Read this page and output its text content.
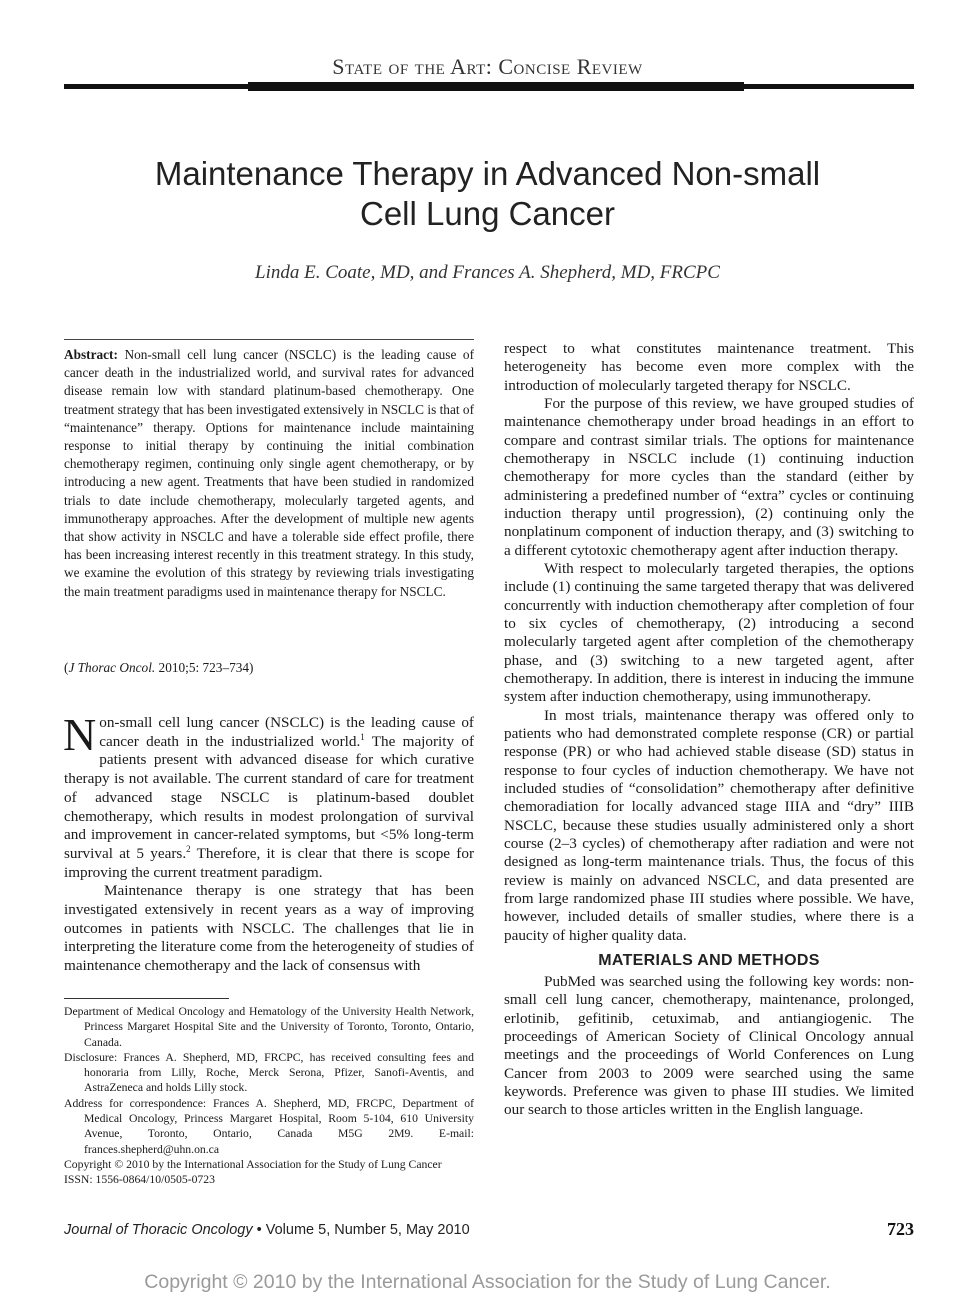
State of the Art: Concise Review
Maintenance Therapy in Advanced Non-small
Cell Lung Cancer
Linda E. Coate, MD, and Frances A. Shepherd, MD, FRCPC
Abstract: Non-small cell lung cancer (NSCLC) is the leading cause of cancer death in the industrialized world, and survival rates for advanced disease remain low with standard platinum-based chemotherapy. One treatment strategy that has been investigated extensively in NSCLC is that of “maintenance” therapy. Options for maintenance include maintaining response to initial therapy by continuing the initial combination chemotherapy regimen, continuing only single agent chemotherapy, or by introducing a new agent. Treatments that have been studied in randomized trials to date include chemotherapy, molecularly targeted agents, and immunotherapy approaches. After the development of multiple new agents that show activity in NSCLC and have a tolerable side effect profile, there has been increasing interest recently in this treatment strategy. In this study, we examine the evolution of this strategy by reviewing trials investigating the main treatment paradigms used in maintenance therapy for NSCLC.
(J Thorac Oncol. 2010;5: 723–734)

Non-small cell lung cancer (NSCLC) is the leading cause of cancer death in the industrialized world.$^1$ The majority of patients present with advanced disease for which curative therapy is not available. The current standard of care for treatment of advanced stage NSCLC is platinum-based doublet chemotherapy, which results in modest prolongation of survival and improvement in cancer-related symptoms, but <5% long-term survival at 5 years.$^2$ Therefore, it is clear that there is scope for improving the current treatment paradigm.

Maintenance therapy is one strategy that has been investigated extensively in recent years as a way of improving outcomes in patients with NSCLC. The challenges that lie in interpreting the literature come from the heterogeneity of studies of maintenance chemotherapy and the lack of consensus with

Department of Medical Oncology and Hematology of the University Health Network, Princess Margaret Hospital Site and the University of Toronto, Toronto, Ontario, Canada.
Disclosure: Frances A. Shepherd, MD, FRCPC, has received consulting fees and honoraria from Lilly, Roche, Merck Serona, Pfizer, Sanofi-Aventis, and AstraZeneca and holds Lilly stock.
Address for correspondence: Frances A. Shepherd, MD, FRCPC, Department of Medical Oncology, Princess Margaret Hospital, Room 5-104, 610 University Avenue, Toronto, Ontario, Canada M5G 2M9. E-mail: frances.shepherd@uhn.on.ca
Copyright © 2010 by the International Association for the Study of Lung Cancer
ISSN: 1556-0864/10/0505-0723

respect to what constitutes maintenance treatment. This heterogeneity has become even more complex with the introduction of molecularly targeted therapy for NSCLC.

For the purpose of this review, we have grouped studies of maintenance chemotherapy under broad headings in an effort to compare and contrast similar trials. The options for maintenance chemotherapy in NSCLC include (1) continuing induction chemotherapy for more cycles than the standard (either by administering a predefined number of “extra” cycles or continuing induction therapy until progression), (2) continuing only the nonplatinum component of induction therapy, and (3) switching to a different cytotoxic chemotherapy agent after induction therapy.

With respect to molecularly targeted therapies, the options include (1) continuing the same targeted therapy that was delivered concurrently with induction chemotherapy after completion of four to six cycles of chemotherapy, (2) introducing a second molecularly targeted agent after completion of the chemotherapy phase, and (3) switching to a new targeted agent, after chemotherapy. In addition, there is interest in inducing the immune system after induction chemotherapy, using immunotherapy.

In most trials, maintenance therapy was offered only to patients who had demonstrated complete response (CR) or partial response (PR) or who had achieved stable disease (SD) status in response to four cycles of induction chemotherapy. We have not included studies of “consolidation” chemotherapy after definitive chemoradiation for locally advanced stage IIIA and “dry” IIIB NSCLC, because these studies usually administered only a short course (2–3 cycles) of chemotherapy after radiation and were not designed as long-term maintenance trials. Thus, the focus of this review is mainly on advanced NSCLC, and data presented are from large randomized phase III studies where possible. We have, however, included details of smaller studies, where there is a paucity of higher quality data.

MATERIALS AND METHODS

PubMed was searched using the following key words: non-small cell lung cancer, chemotherapy, maintenance, prolonged, erlotinib, gefitinib, cetuximab, and antiangiogenic. The proceedings of American Society of Clinical Oncology annual meetings and the proceedings of World Conferences on Lung Cancer from 2003 to 2009 were searched using the same keywords. Preference was given to phase III studies. We limited our search to those articles written in the English language.

Journal of Thoracic Oncology • Volume 5, Number 5, May 2010	723
Copyright © 2010 by the International Association for the Study of Lung Cancer.
